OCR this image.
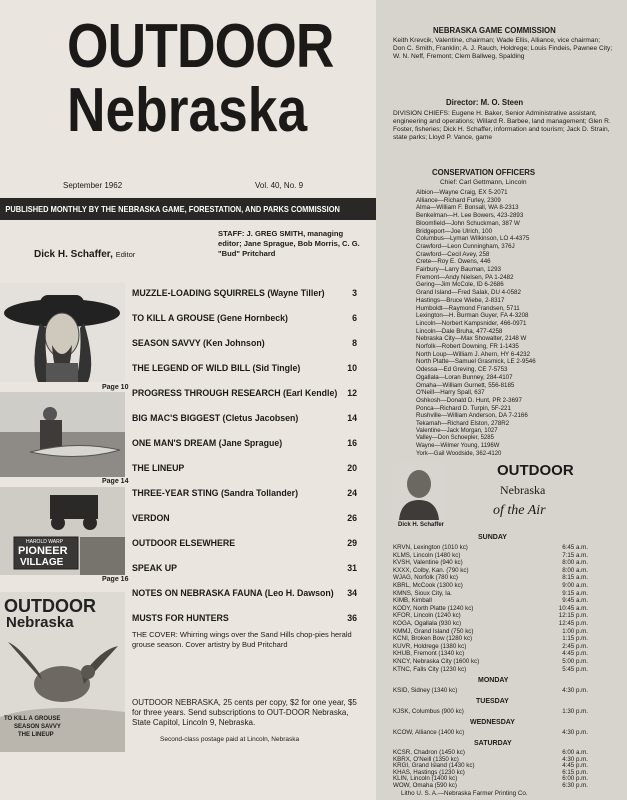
OUTDOOR
Nebraska
September 1962	Vol. 40, No. 9
PUBLISHED MONTHLY BY THE NEBRASKA GAME, FORESTATION, AND PARKS COMMISSION
STAFF: J. GREG SMITH, managing editor; Jane Sprague, Bob Morris, C. G. "Bud" Pritchard
Dick H. Schaffer, Editor
Page 10
Page 14
HAROLD WARP
PIONEER
VILLAGE
Page 16
OUTDOOR
Nebraska
TO KILL A GROUSE
SEASON SAVVY
THE LINEUP
MUZZLE-LOADING SQUIRRELS (Wayne Tiller)	3
TO KILL A GROUSE (Gene Hornbeck)	6
SEASON SAVVY (Ken Johnson)	8
THE LEGEND OF WILD BILL (Sid Tingle)	10
PROGRESS THROUGH RESEARCH (Earl Kendle) 12
BIG MAC'S BIGGEST (Cletus Jacobsen)	14
ONE MAN'S DREAM (Jane Sprague)	16
THE LINEUP	20
THREE-YEAR STING (Sandra Tollander)	24
VERDON	26
OUTDOOR ELSEWHERE	29
SPEAK UP	31
NOTES ON NEBRASKA FAUNA (Leo H. Dawson) 34
MUSTS FOR HUNTERS	36
THE COVER: Whirring wings over the Sand Hills chop-pies herald grouse season. Cover artistry by Bud Pritchard
OUTDOOR NEBRASKA, 25 cents per copy, $2 for one year, $5 for three years. Send subscriptions to OUT-DOOR Nebraska, State Capitol, Lincoln 9, Nebraska.
Second-class postage paid at Lincoln, Nebraska
NEBRASKA GAME COMMISSION
Keith Krevcik, Valentine, chairman; Wade Ellis, Alliance, vice chairman; Don C. Smith, Franklin; A. J. Rauch, Holdrege; Louis Findeis, Pawnee City; W. N. Neff, Fremont; Clem Ballweg, Spalding
Director: M. O. Steen
DIVISION CHIEFS: Eugene H. Baker, Senior Administrative assistant, engineering and operations; Willard R. Barbee, land management; Glen R. Foster, fisheries; Dick H. Schaffer, information and tourism; Jack D. Strain, state parks; Lloyd P. Vance, game
CONSERVATION OFFICERS
Chief: Carl Gettmann, Lincoln
Albion—Wayne Craig, EX 5-2071
Alliance—Richard Furley, 2309
Alma—William F. Bonsall, WA 8-2313
Benkelman—H. Lee Bowers, 423-2893
Bloomfield—John Schuckman, 387 W
Bridgeport—Joe Ulrich, 100
Columbus—Lyman Wilkinson, LO 4-4375
Crawford—Leon Cunningham, 376J
Crawford—Cecil Avey, 258
Crete—Roy E. Owens, 446
Fairbury—Larry Bauman, 1293
Fremont—Andy Nielsen, PA 1-2482
Gering—Jim McCole, ID 6-2686
Grand Island—Fred Salak, DU 4-0582
Hastings—Bruce Wiebe, 2-8317
Humboldt—Raymond Frandsen, 5711
Lexington—H. Burman Guyer, FA 4-3208
Lincoln—Norbert Kampsnider, 466-0971
Lincoln—Dale Bruha, 477-4258
Nebraska City—Max Showalter, 2148 W
Norfolk—Robert Downing, FR 1-1435
North Loup—William J. Ahern, HY 6-4232
North Platte—Samuel Grasmick, LE 2-9546
Odessa—Ed Greving, CE 7-5753
Ogallala—Loran Bunney, 284-4107
Omaha—William Gurnett, 556-8185
O'Neill—Harry Spall, 637
Oshkosh—Donald D. Hunt, PR 2-3697
Ponca—Richard D. Turpin, 5F-221
Rushville—William Anderson, DA 7-2166
Tekamah—Richard Elston, 278R2
Valentine—Jack Morgan, 1027
Valley—Don Schoepler, 5285
Wayne—Wilmer Young, 1196W
York—Gail Woodside, 362-4120
Dick H. Schaffer
OUTDOOR
Nebraska
of the Air
SUNDAY
KRVN, Lexington (1010 kc)	6:45 a.m.
KLMS, Lincoln (1480 kc)	7:15 a.m.
KVSH, Valentine (940 kc)	8:00 a.m.
KXXX, Colby, Kan. (790 kc)	8:00 a.m.
WJAG, Norfolk (780 kc)	8:15 a.m.
KBRL, McCook (1300 kc)	9:00 a.m.
KMNS, Sioux City, Ia.	9:15 a.m.
KIMB, Kimball	9:45 a.m.
KODY, North Platte (1240 kc)	10:45 a.m.
KFOR, Lincoln (1240 kc)	12:15 p.m.
KOGA, Ogallala (930 kc)	12:45 p.m.
KMMJ, Grand Island (750 kc)	1:00 p.m.
KCNI, Broken Bow (1280 kc)	1:15 p.m.
KUVR, Holdrege (1380 kc)	2:45 p.m.
KHUB, Fremont (1340 kc)	4:45 p.m.
KNCY, Nebraska City (1600 kc)	5:00 p.m.
KTNC, Falls City (1230 kc)	5:45 p.m.
MONDAY
KSID, Sidney (1340 kc)	4:30 p.m.
TUESDAY
KJSK, Columbus (900 kc)	1:30 p.m.
WEDNESDAY
KCOW, Alliance (1400 kc)	4:30 p.m.
SATURDAY
KCSR, Chadron (1450 kc)	6:00 a.m.
KBRX, O'Neill (1350 kc)	4:30 p.m.
KRGI, Grand Island (1430 kc)	4:45 p.m.
KHAS, Hastings (1230 kc)	6:15 p.m.
KLIN, Lincoln (1400 kc)	6:00 p.m.
WOW, Omaha (590 kc)	6:30 p.m.
Litho U. S. A.—Nebraska Farmer Printing Co.
